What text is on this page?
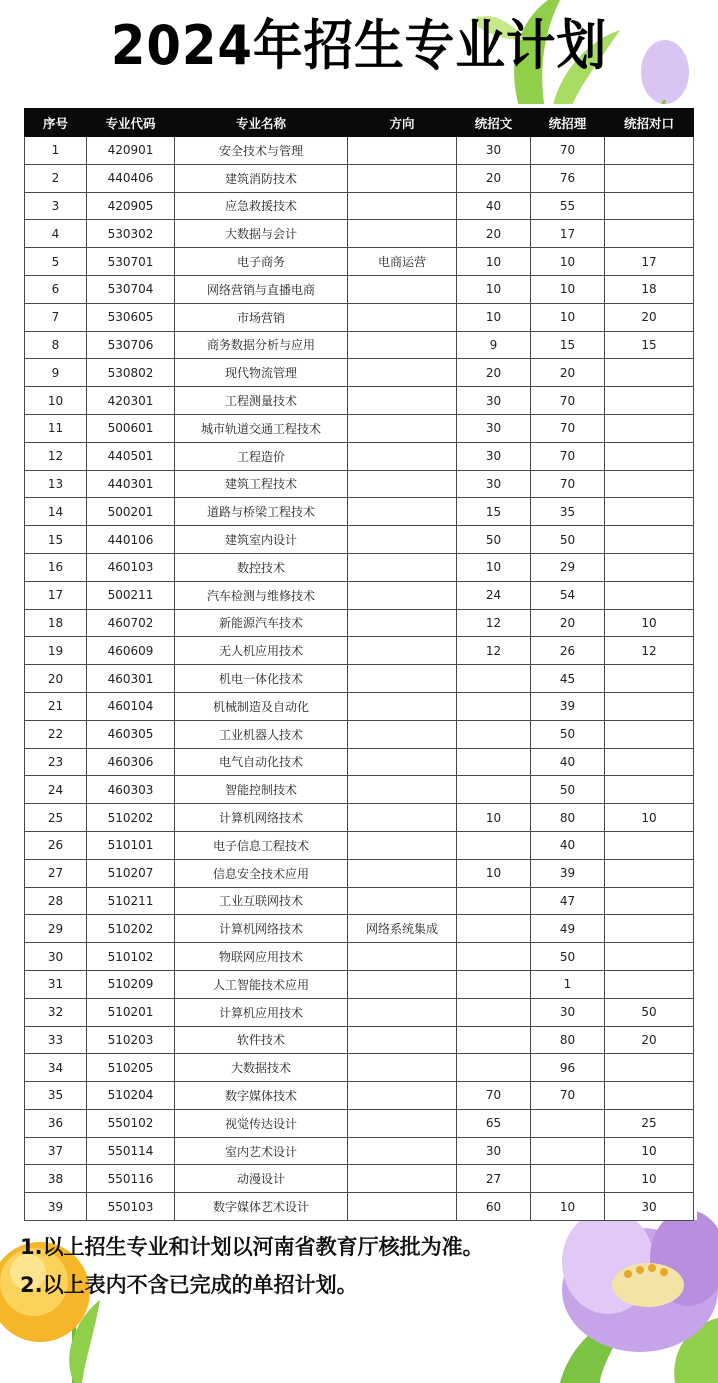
2024年招生专业计划
序号	专业代码	专业名称	方向	统招文	统招理	统招对口
1	420901	安全技术与管理		30	70	
2	440406	建筑消防技术		20	76	
3	420905	应急救援技术		40	55	
4	530302	大数据与会计		20	17	
5	530701	电子商务	电商运营	10	10	17
6	530704	网络营销与直播电商		10	10	18
7	530605	市场营销		10	10	20
8	530706	商务数据分析与应用		9	15	15
9	530802	现代物流管理		20	20	
10	420301	工程测量技术		30	70	
11	500601	城市轨道交通工程技术		30	70	
12	440501	工程造价		30	70	
13	440301	建筑工程技术		30	70	
14	500201	道路与桥梁工程技术		15	35	
15	440106	建筑室内设计		50	50	
16	460103	数控技术		10	29	
17	500211	汽车检测与维修技术		24	54	
18	460702	新能源汽车技术		12	20	10
19	460609	无人机应用技术		12	26	12
20	460301	机电一体化技术			45	
21	460104	机械制造及自动化			39	
22	460305	工业机器人技术			50	
23	460306	电气自动化技术			40	
24	460303	智能控制技术			50	
25	510202	计算机网络技术		10	80	10
26	510101	电子信息工程技术			40	
27	510207	信息安全技术应用		10	39	
28	510211	工业互联网技术			47	
29	510202	计算机网络技术	网络系统集成		49	
30	510102	物联网应用技术			50	
31	510209	人工智能技术应用			1	
32	510201	计算机应用技术			30	50
33	510203	软件技术			80	20
34	510205	大数据技术			96	
35	510204	数字媒体技术		70	70	
36	550102	视觉传达设计		65		25
37	550114	室内艺术设计		30		10
38	550116	动漫设计		27		10
39	550103	数字媒体艺术设计		60	10	30
1.以上招生专业和计划以河南省教育厅核批为准。
2.以上表内不含已完成的单招计划。
